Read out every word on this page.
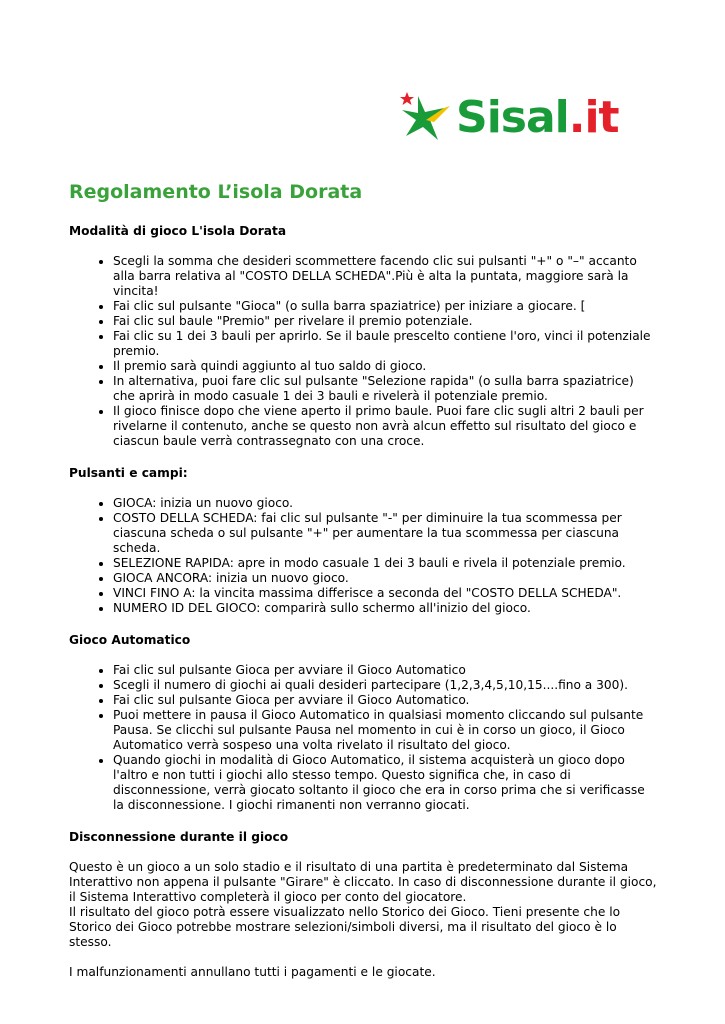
Sisal.it
Regolamento L’isola Dorata
Modalità di gioco L'isola Dorata
• Scegli la somma che desideri scommettere facendo clic sui pulsanti "+" o "–" accanto alla barra relativa al "COSTO DELLA SCHEDA".Più è alta la puntata, maggiore sarà la vincita!
• Fai clic sul pulsante "Gioca" (o sulla barra spaziatrice) per iniziare a giocare. [
• Fai clic sul baule "Premio" per rivelare il premio potenziale.
• Fai clic su 1 dei 3 bauli per aprirlo. Se il baule prescelto contiene l'oro, vinci il potenziale premio.
• Il premio sarà quindi aggiunto al tuo saldo di gioco.
• In alternativa, puoi fare clic sul pulsante "Selezione rapida" (o sulla barra spaziatrice) che aprirà in modo casuale 1 dei 3 bauli e rivelerà il potenziale premio.
• Il gioco finisce dopo che viene aperto il primo baule. Puoi fare clic sugli altri 2 bauli per rivelarne il contenuto, anche se questo non avrà alcun effetto sul risultato del gioco e ciascun baule verrà contrassegnato con una croce.
Pulsanti e campi:
• GIOCA: inizia un nuovo gioco.
• COSTO DELLA SCHEDA: fai clic sul pulsante "-" per diminuire la tua scommessa per ciascuna scheda o sul pulsante "+" per aumentare la tua scommessa per ciascuna scheda.
• SELEZIONE RAPIDA: apre in modo casuale 1 dei 3 bauli e rivela il potenziale premio.
• GIOCA ANCORA: inizia un nuovo gioco.
• VINCI FINO A: la vincita massima differisce a seconda del "COSTO DELLA SCHEDA".
• NUMERO ID DEL GIOCO: comparirà sullo schermo all'inizio del gioco.
Gioco Automatico
• Fai clic sul pulsante Gioca per avviare il Gioco Automatico
• Scegli il numero di giochi ai quali desideri partecipare (1,2,3,4,5,10,15....fino a 300).
• Fai clic sul pulsante Gioca per avviare il Gioco Automatico.
• Puoi mettere in pausa il Gioco Automatico in qualsiasi momento cliccando sul pulsante Pausa. Se clicchi sul pulsante Pausa nel momento in cui è in corso un gioco, il Gioco Automatico verrà sospeso una volta rivelato il risultato del gioco.
• Quando giochi in modalità di Gioco Automatico, il sistema acquisterà un gioco dopo l'altro e non tutti i giochi allo stesso tempo. Questo significa che, in caso di disconnessione, verrà giocato soltanto il gioco che era in corso prima che si verificasse la disconnessione. I giochi rimanenti non verranno giocati.
Disconnessione durante il gioco

Questo è un gioco a un solo stadio e il risultato di una partita è predeterminato dal Sistema Interattivo non appena il pulsante "Girare" è cliccato. In caso di disconnessione durante il gioco, il Sistema Interattivo completerà il gioco per conto del giocatore.

Il risultato del gioco potrà essere visualizzato nello Storico dei Gioco. Tieni presente che lo Storico dei Gioco potrebbe mostrare selezioni/simboli diversi, ma il risultato del gioco è lo stesso.

I malfunzionamenti annullano tutti i pagamenti e le giocate.
